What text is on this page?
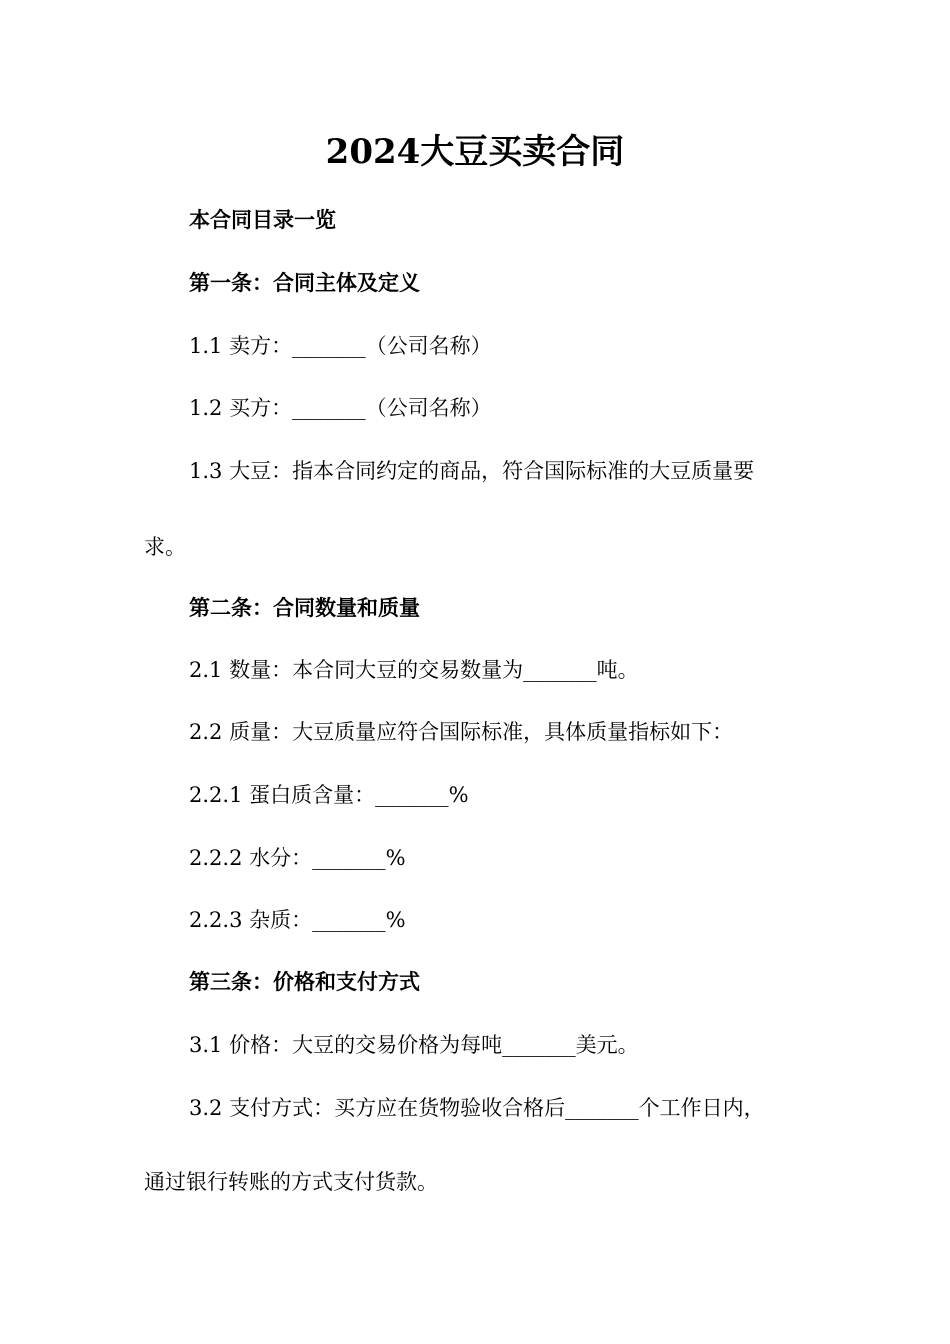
2024大豆买卖合同
本合同目录一览
第一条：合同主体及定义
1.1 卖方：_______（公司名称）
1.2 买方：_______（公司名称）
1.3 大豆：指本合同约定的商品，符合国际标准的大豆质量要
求。
第二条：合同数量和质量
2.1 数量：本合同大豆的交易数量为_______吨。
2.2 质量：大豆质量应符合国际标准，具体质量指标如下：
2.2.1 蛋白质含量：_______%
2.2.2 水分：_______%
2.2.3 杂质：_______%
第三条：价格和支付方式
3.1 价格：大豆的交易价格为每吨_______美元。
3.2 支付方式：买方应在货物验收合格后_______个工作日内，
通过银行转账的方式支付货款。
